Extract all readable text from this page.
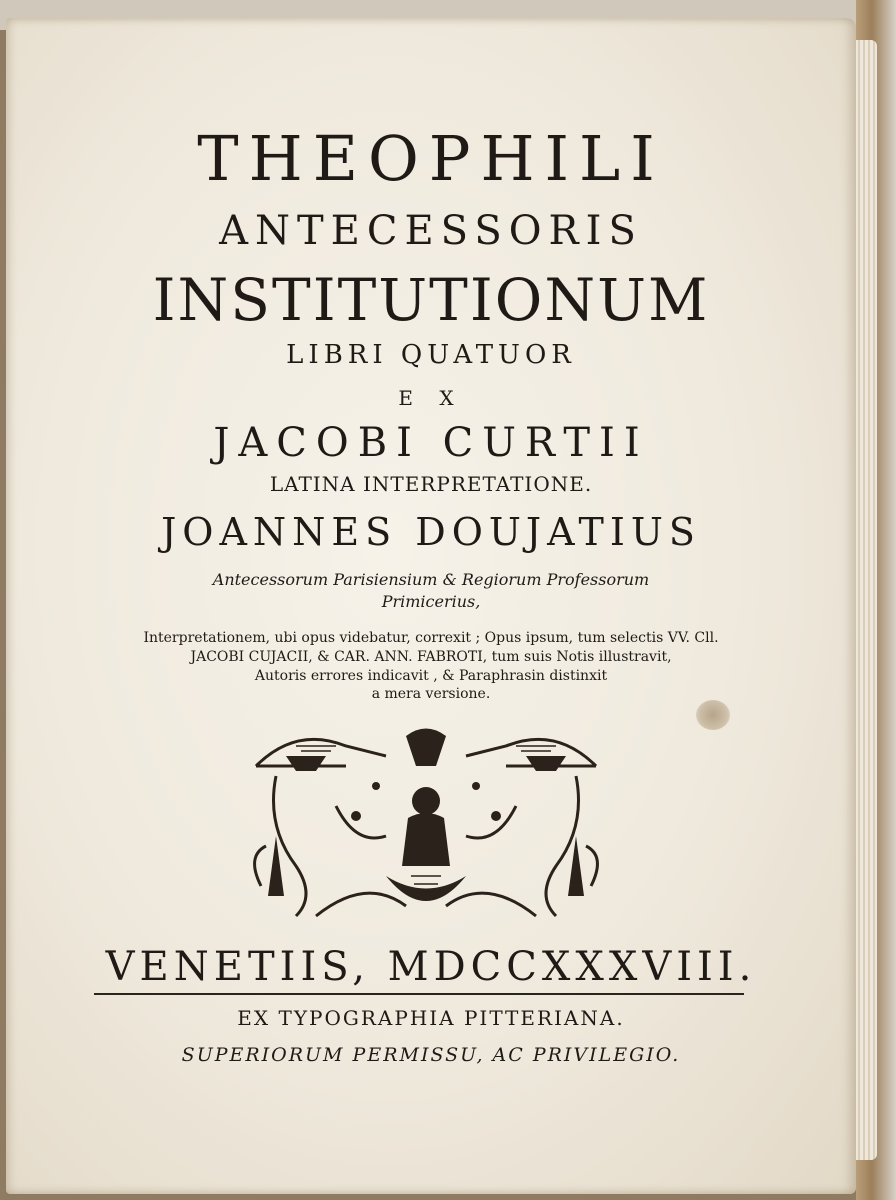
THEOPHILI
ANTECESSORIS
INSTITUTIONUM
LIBRI QUATUOR
E X
JACOBI CURTII
LATINA INTERPRETATIONE.
JOANNES DOUJATIUS
Antecessorum Parisiensium & Regiorum Professorum
Primicerius,
Interpretationem, ubi opus videbatur, correxit ; Opus ipsum, tum selectis VV. Cll.
JACOBI CUJACII, & CAR. ANN. FABROTI, tum suis Notis illustravit,
Autoris errores indicavit , & Paraphrasin distinxit
a mera versione.
VENETIIS, MDCCXXXVIII.
EX TYPOGRAPHIA PITTERIANA.
SUPERIORUM PERMISSU, AC PRIVILEGIO.
